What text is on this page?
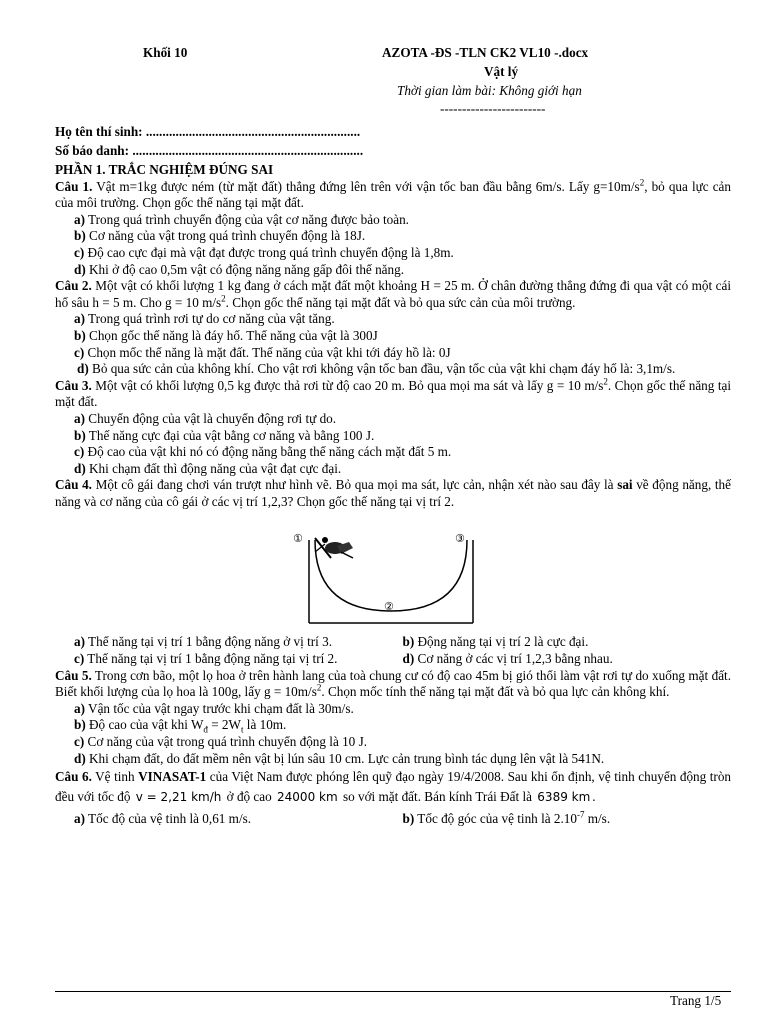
Khối 10	AZOTA -ĐS -TLN CK2 VL10 -.docx
Vật lý
Thời gian làm bài: Không giới hạn
------------------------
Họ tên thí sinh: .................................................................
Số báo danh: ......................................................................

PHẦN 1. TRẮC NGHIỆM ĐÚNG SAI

Câu 1. Vật m=1kg được ném (từ mặt đất) thẳng đứng lên trên với vận tốc ban đầu bằng 6m/s. Lấy $g=10m/s^2$, bỏ qua lực cản của môi trường. Chọn gốc thế năng tại mặt đất.

a) Trong quá trình chuyển động của vật cơ năng được bảo toàn.

b) Cơ năng của vật trong quá trình chuyển động là 18J.

c) Độ cao cực đại mà vật đạt được trong quá trình chuyển động là 1,8m.

d) Khi ở độ cao 0,5m vật có động năng năng gấp đôi thế năng.

Câu 2. Một vật có khối lượng 1 kg đang ở cách mặt đất một khoảng H = 25 m. Ở chân đường thẳng đứng đi qua vật có một cái hố sâu h = 5 m. Cho g = 10 $m/s^2$. Chọn gốc thế năng tại mặt đất và bỏ qua sức cản của môi trường.

a) Trong quá trình rơi tự do cơ năng của vật tăng.

b) Chọn gốc thế năng là đáy hố. Thế năng của vật là 300J

c) Chọn mốc thế năng là mặt đất. Thế năng của vật khi tới đáy hồ là: 0J

d) Bỏ qua sức cản của không khí. Cho vật rơi không vận tốc ban đầu, vận tốc của vật khi chạm đáy hố là: 3,1m/s.

Câu 3. Một vật có khối lượng 0,5 kg được thả rơi từ độ cao 20 m. Bỏ qua mọi ma sát và lấy g = 10 $m/s^2$. Chọn gốc thế năng tại mặt đất.

a) Chuyển động của vật là chuyển động rơi tự do.

b) Thế năng cực đại của vật bằng cơ năng và bằng 100 J.

c) Độ cao của vật khi nó có động năng bằng thế năng cách mặt đất 5 m.

d) Khi chạm đất thì động năng của vật đạt cực đại.

Câu 4. Một cô gái đang chơi ván trượt như hình vẽ. Bỏ qua mọi ma sát, lực cản, nhận xét nào sau đây là sai về động năng, thế năng và cơ năng của cô gái ở các vị trí 1,2,3? Chọn gốc thế năng tại vị trí 2.

①
②
③
a) Thế năng tại vị trí 1 bằng động năng ở vị trí 3.	b) Động năng tại vị trí 2 là cực đại.
c) Thế năng tại vị trí 1 bằng động năng tại vị trí 2.	d) Cơ năng ở các vị trí 1,2,3 bằng nhau.

Câu 5. Trong cơn bão, một lọ hoa ở trên hành lang của toà chung cư có độ cao 45m bị gió thổi làm vật rơi tự do xuống mặt đất. Biết khối lượng của lọ hoa là 100g, lấy $g = 10m/s^2$. Chọn mốc tính thế năng tại mặt đất và bỏ qua lực cản không khí.

a) Vận tốc của vật ngay trước khi chạm đất là 30m/s.

b) Độ cao của vật khi $W_đ = 2W_t$ là 10m.

c) Cơ năng của vật trong quá trình chuyển động là 10 J.

d) Khi chạm đất, do đất mềm nên vật bị lún sâu 10 cm. Lực cản trung bình tác dụng lên vật là 541N.

Câu 6. Vệ tinh VINASAT-1 của Việt Nam được phóng lên quỹ đạo ngày 19/4/2008. Sau khi ổn định, vệ tinh chuyển động tròn đều với tốc độ v = 2,21 km/h ở độ cao 24000 km so với mặt đất. Bán kính Trái Đất là 6389 km .

a) Tốc độ của vệ tinh là 0,61 m/s.	b) Tốc độ góc của vệ tinh là $2.10^{-7}$ m/s.
Trang 1/5
